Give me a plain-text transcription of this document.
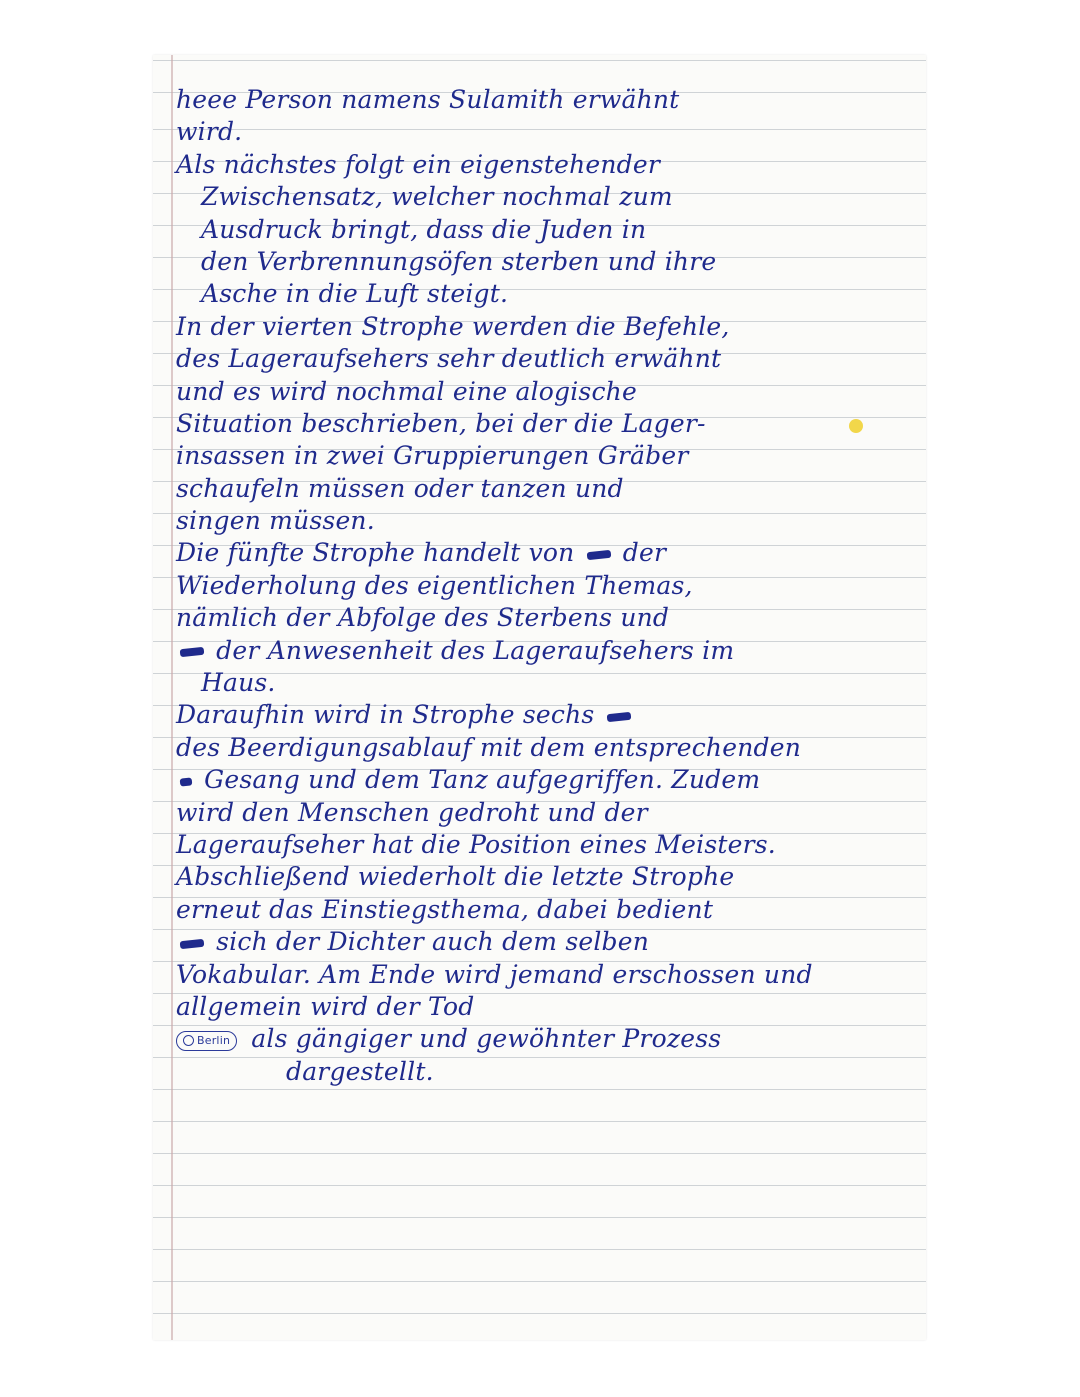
heee Person namens Sulamith erwähnt
wird.
Als nächstes folgt ein eigenstehender
Zwischensatz, welcher nochmal zum
Ausdruck bringt, dass die Juden in
den Verbrennungsöfen sterben und ihre
Asche in die Luft steigt.
In der vierten Strophe werden die Befehle,
des Lageraufsehers sehr deutlich erwähnt
und es wird nochmal eine alogische
Situation beschrieben, bei der die Lager-
insassen in zwei Gruppierungen Gräber
schaufeln müssen oder tanzen und
singen müssen.
Die fünfte Strophe handelt von der
Wiederholung des eigentlichen Themas,
nämlich der Abfolge des Sterbens und
der Anwesenheit des Lageraufsehers im
Haus.
Daraufhin wird in Strophe sechs
des Beerdigungsablauf mit dem entsprechenden
Gesang und dem Tanz aufgegriffen. Zudem
wird den Menschen gedroht und der
Lageraufseher hat die Position eines Meisters.
Abschließend wiederholt die letzte Strophe
erneut das Einstiegsthema, dabei bedient
sich der Dichter auch dem selben
Vokabular. Am Ende wird jemand erschossen und
allgemein wird der Tod
Berlin als gängiger und gewöhnter Prozess
dargestellt.
